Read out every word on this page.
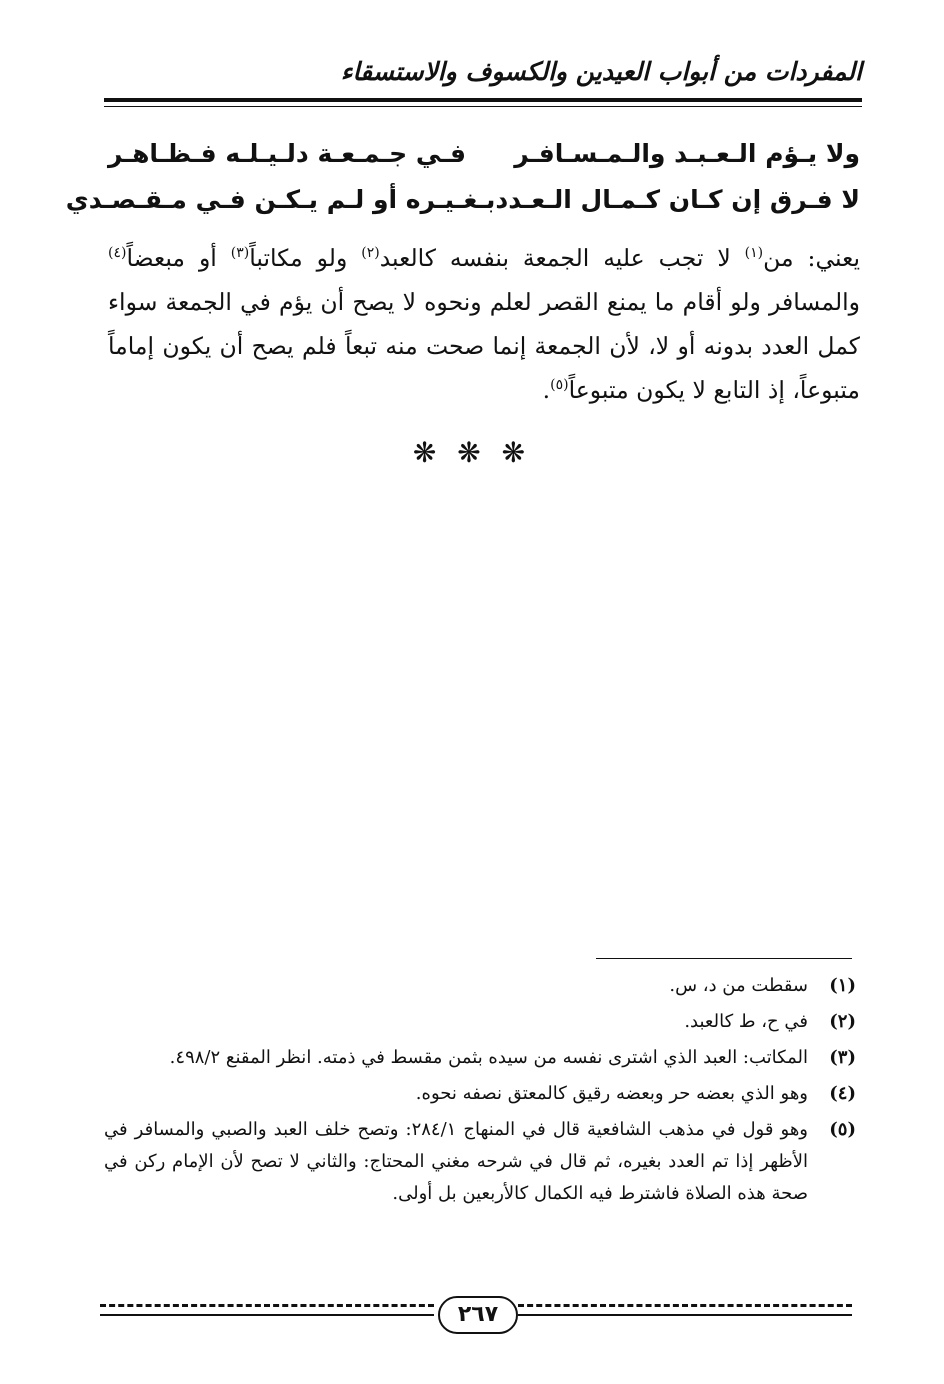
المفردات من أبواب العيدين والكسوف والاستسقاء
ولا يـؤم الـعـبـد والـمـسـافـر
فـي جـمـعـة دلـيـلـه فـظـاهـر
لا فـرق إن كـان كـمـال الـعـدد
بـغـيـره أو لـم يـكـن فـي مـقـصـدي
يعني: من$^{(١)}$ لا تجب عليه الجمعة بنفسه كالعبد$^{(٢)}$ ولو مكاتباً$^{(٣)}$ أو مبعضاً$^{(٤)}$ والمسافر ولو أقام ما يمنع القصر لعلم ونحوه لا يصح أن يؤم في الجمعة سواء كمل العدد بدونه أو لا، لأن الجمعة إنما صحت منه تبعاً فلم يصح أن يكون إماماً متبوعاً، إذ التابع لا يكون متبوعاً$^{(٥)}$.
❋ ❋ ❋
(١)
سقطت من د، س.
(٢)
في ح، ط كالعبد.
(٣)
المكاتب: العبد الذي اشترى نفسه من سيده بثمن مقسط في ذمته. انظر المقنع ٤٩٨/٢.
(٤)
وهو الذي بعضه حر وبعضه رقيق كالمعتق نصفه نحوه.
(٥)
وهو قول في مذهب الشافعية قال في المنهاج ٢٨٤/١: وتصح خلف العبد والصبي والمسافر في الأظهر إذا تم العدد بغيره، ثم قال في شرحه مغني المحتاج: والثاني لا تصح لأن الإمام ركن في صحة هذه الصلاة فاشترط فيه الكمال كالأربعين بل أولى.
٢٦٧
